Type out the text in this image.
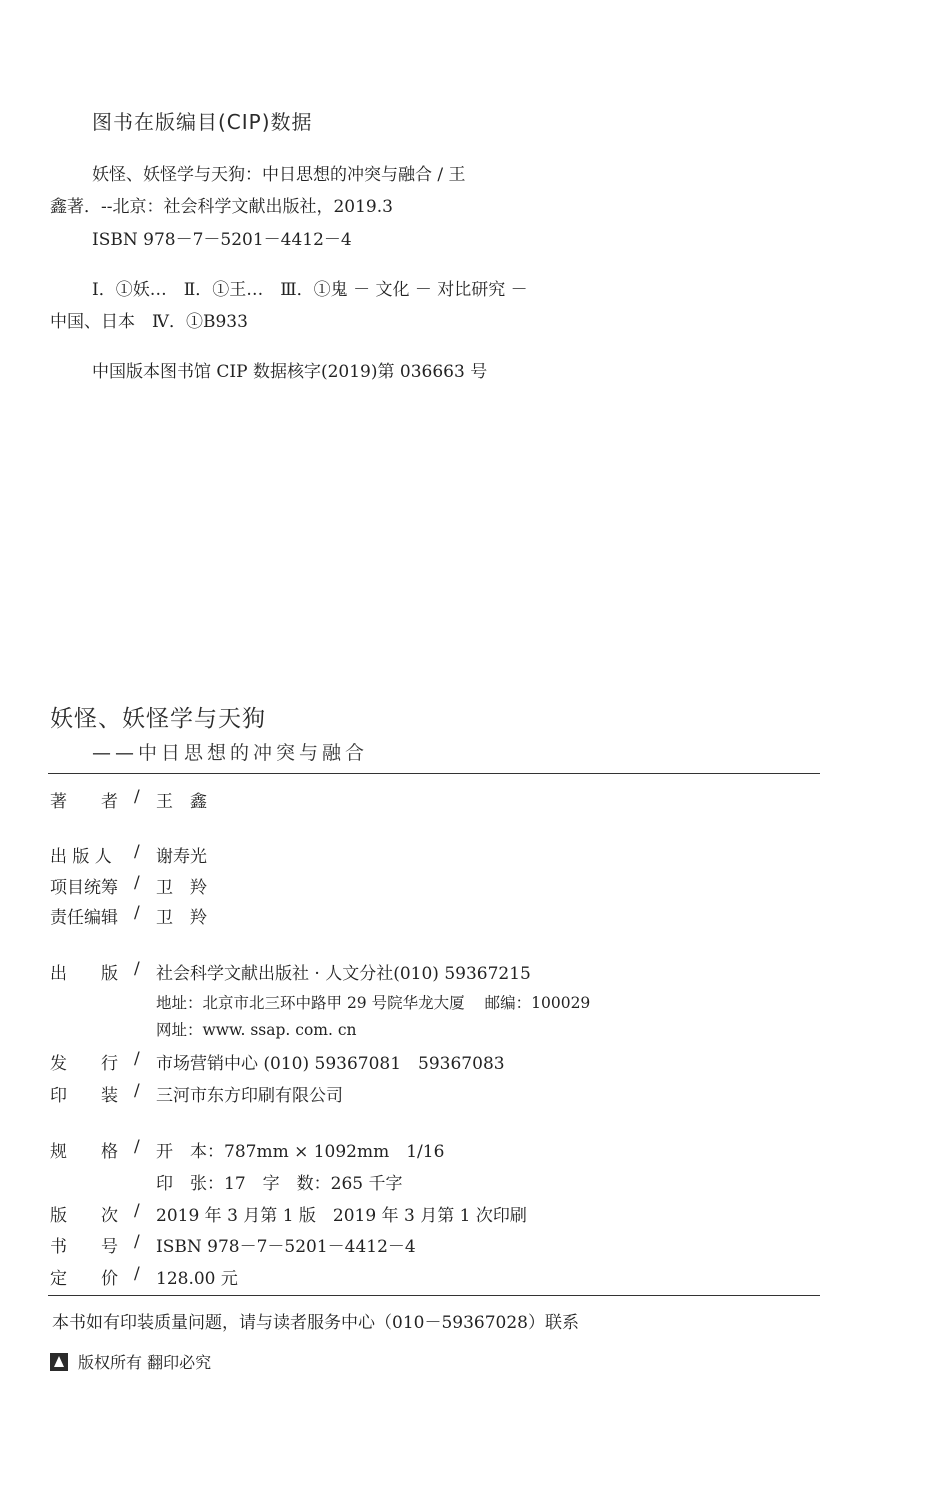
图书在版编目(CIP)数据
妖怪、妖怪学与天狗：中日思想的冲突与融合 / 王
鑫著．--北京：社会科学文献出版社，2019.3
ISBN 978－7－5201－4412－4
Ⅰ．①妖…　Ⅱ．①王…　Ⅲ．①鬼 － 文化 － 对比研究 －
中国、日本　Ⅳ．①B933
中国版本图书馆 CIP 数据核字(2019)第 036663 号
妖怪、妖怪学与天狗
——中日思想的冲突与融合
著　　者 / 王　鑫
出 版 人 / 谢寿光
项目统筹 / 卫　羚
责任编辑 / 卫　羚
出　　版 / 社会科学文献出版社 · 人文分社(010) 59367215
地址：北京市北三环中路甲 29 号院华龙大厦 邮编：100029
网址：www. ssap. com. cn
发　　行 / 市场营销中心 (010) 59367081　59367083
印　　装 / 三河市东方印刷有限公司
规　　格 / 开　本：787mm × 1092mm　1/16
印　张：17　字　数：265 千字
版　　次 / 2019 年 3 月第 1 版　2019 年 3 月第 1 次印刷
书　　号 / ISBN 978－7－5201－4412－4
定　　价 / 128.00 元
本书如有印装质量问题，请与读者服务中心（010－59367028）联系
版权所有 翻印必究
